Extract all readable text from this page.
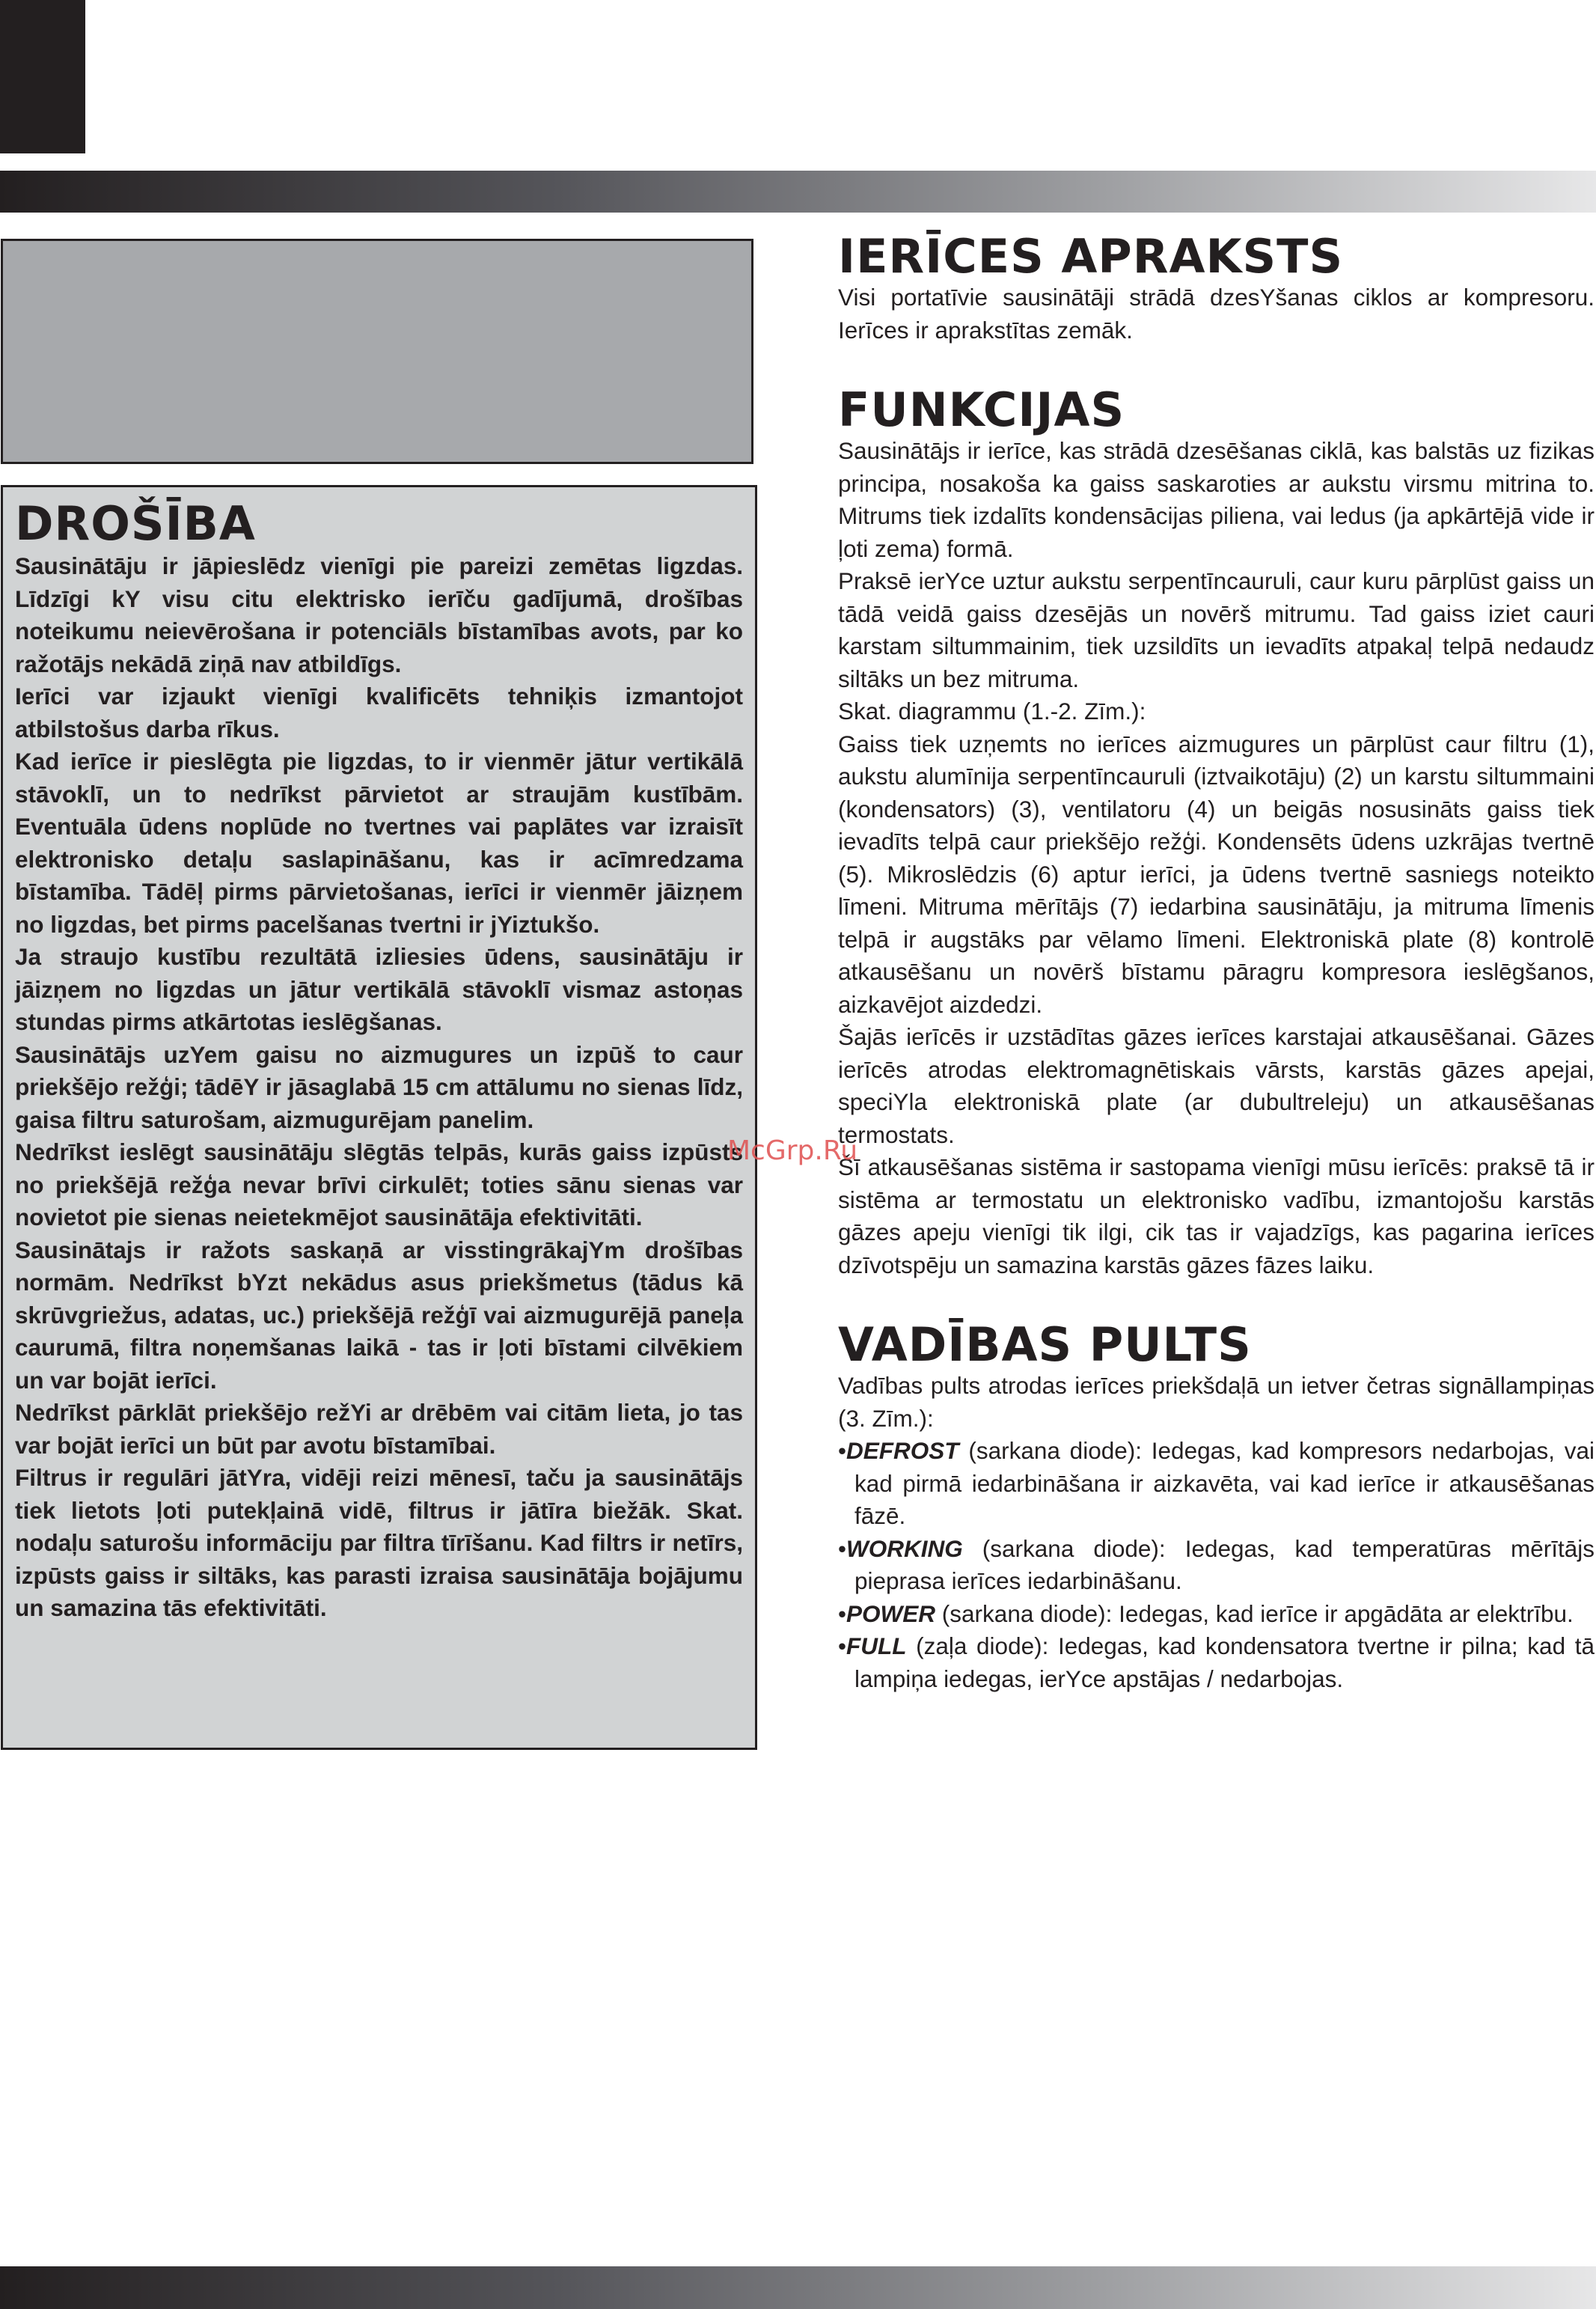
DROŠĪBA

Sausinātāju ir jāpieslēdz vienīgi pie pareizi zemētas ligzdas. Līdzīgi kY visu citu elektrisko ierīču gadījumā, drošības noteikumu neievērošana ir potenciāls bīstamības avots, par ko ražotājs nekādā ziņā nav atbildīgs.

Ierīci var izjaukt vienīgi kvalificēts tehniķis izmantojot atbilstošus darba rīkus.

Kad ierīce ir pieslēgta pie ligzdas, to ir vienmēr jātur vertikālā stāvoklī, un to nedrīkst pārvietot ar straujām kustībām. Eventuāla ūdens noplūde no tvertnes vai paplātes var izraisīt elektronisko detaļu saslapināšanu, kas ir acīmredzama bīstamība. Tādēļ pirms pārvietošanas, ierīci ir vienmēr jāizņem no ligzdas, bet pirms pacelšanas tvertni ir jYiztukšo.

Ja straujo kustību rezultātā izliesies ūdens, sausinātāju ir jāizņem no ligzdas un jātur vertikālā stāvoklī vismaz astoņas stundas pirms atkārtotas ieslēgšanas.

Sausinātājs uzYem gaisu no aizmugures un izpūš to caur priekšējo režģi; tādēY ir jāsaglabā 15 cm attālumu no sienas līdz, gaisa filtru saturošam, aizmugurējam panelim.

Nedrīkst ieslēgt sausinātāju slēgtās telpās, kurās gaiss izpūsts no priekšējā režģa nevar brīvi cirkulēt; toties sānu sienas var novietot pie sienas neietekmējot sausinātāja efektivitāti.

Sausinātajs ir ražots saskaņā ar visstingrākajYm drošības normām. Nedrīkst bYzt nekādus asus priekšmetus (tādus kā skrūvgriežus, adatas, uc.) priekšējā režģī vai aizmugurējā paneļa caurumā, filtra noņemšanas laikā - tas ir ļoti bīstami cilvēkiem un var bojāt ierīci.

Nedrīkst pārklāt priekšējo režYi ar drēbēm vai citām lieta, jo tas var bojāt ierīci un būt par avotu bīstamībai.

Filtrus ir regulāri jātYra, vidēji reizi mēnesī, taču ja sausinātājs tiek lietots ļoti putekļainā vidē, filtrus ir jātīra biežāk. Skat. nodaļu saturošu informāciju par filtra tīrīšanu. Kad filtrs ir netīrs, izpūsts gaiss ir siltāks, kas parasti izraisa sausinātāja bojājumu un samazina tās efektivitāti.

IERĪCES APRAKSTS

Visi portatīvie sausinātāji strādā dzesYšanas ciklos ar kompresoru. Ierīces ir aprakstītas zemāk.

FUNKCIJAS

Sausinātājs ir ierīce, kas strādā dzesēšanas ciklā, kas balstās uz fizikas principa, nosakoša ka gaiss saskaroties ar aukstu virsmu mitrina to. Mitrums tiek izdalīts kondensācijas piliena, vai ledus (ja apkārtējā vide ir ļoti zema) formā.

Praksē ierYce uztur aukstu serpentīncauruli, caur kuru pārplūst gaiss un tādā veidā gaiss dzesējās un novērš mitrumu. Tad gaiss iziet cauri karstam siltummainim, tiek uzsildīts un ievadīts atpakaļ telpā nedaudz siltāks un bez mitruma.

Skat. diagrammu (1.-2. Zīm.):

Gaiss tiek uzņemts no ierīces aizmugures un pārplūst caur filtru (1), aukstu alumīnija serpentīncauruli (iztvaikotāju) (2) un karstu siltummaini (kondensators) (3), ventilatoru (4) un beigās nosusināts gaiss tiek ievadīts telpā caur priekšējo režģi. Kondensēts ūdens uzkrājas tvertnē (5). Mikroslēdzis (6) aptur ierīci, ja ūdens tvertnē sasniegs noteikto līmeni. Mitruma mērītājs (7) iedarbina sausinātāju, ja mitruma līmenis telpā ir augstāks par vēlamo līmeni. Elektroniskā plate (8) kontrolē atkausēšanu un novērš bīstamu pāragru kompresora ieslēgšanos, aizkavējot aizdedzi.

Šajās ierīcēs ir uzstādītas gāzes ierīces karstajai atkausēšanai. Gāzes ierīcēs atrodas elektromagnētiskais vārsts, karstās gāzes apejai, speciYla elektroniskā plate (ar dubultreleju) un atkausēšanas termostats.

Šī atkausēšanas sistēma ir sastopama vienīgi mūsu ierīcēs: praksē tā ir sistēma ar termostatu un elektronisko vadību, izmantojošu karstās gāzes apeju vienīgi tik ilgi, cik tas ir vajadzīgs, kas pagarina ierīces dzīvotspēju un samazina karstās gāzes fāzes laiku.

VADĪBAS PULTS

Vadības pults atrodas ierīces priekšdaļā un ietver četras signāllampiņas (3. Zīm.):

•DEFROST (sarkana diode): Iedegas, kad kompresors nedarbojas, vai kad pirmā iedarbināšana ir aizkavēta, vai kad ierīce ir atkausēšanas fāzē.

•WORKING (sarkana diode): Iedegas, kad temperatūras mērītājs pieprasa ierīces iedarbināšanu.

•POWER (sarkana diode): Iedegas, kad ierīce ir apgādāta ar elektrību.

•FULL (zaļa diode): Iedegas, kad kondensatora tvertne ir pilna; kad tā lampiņa iedegas, ierYce apstājas / nedarbojas.

McGrp.Ru
